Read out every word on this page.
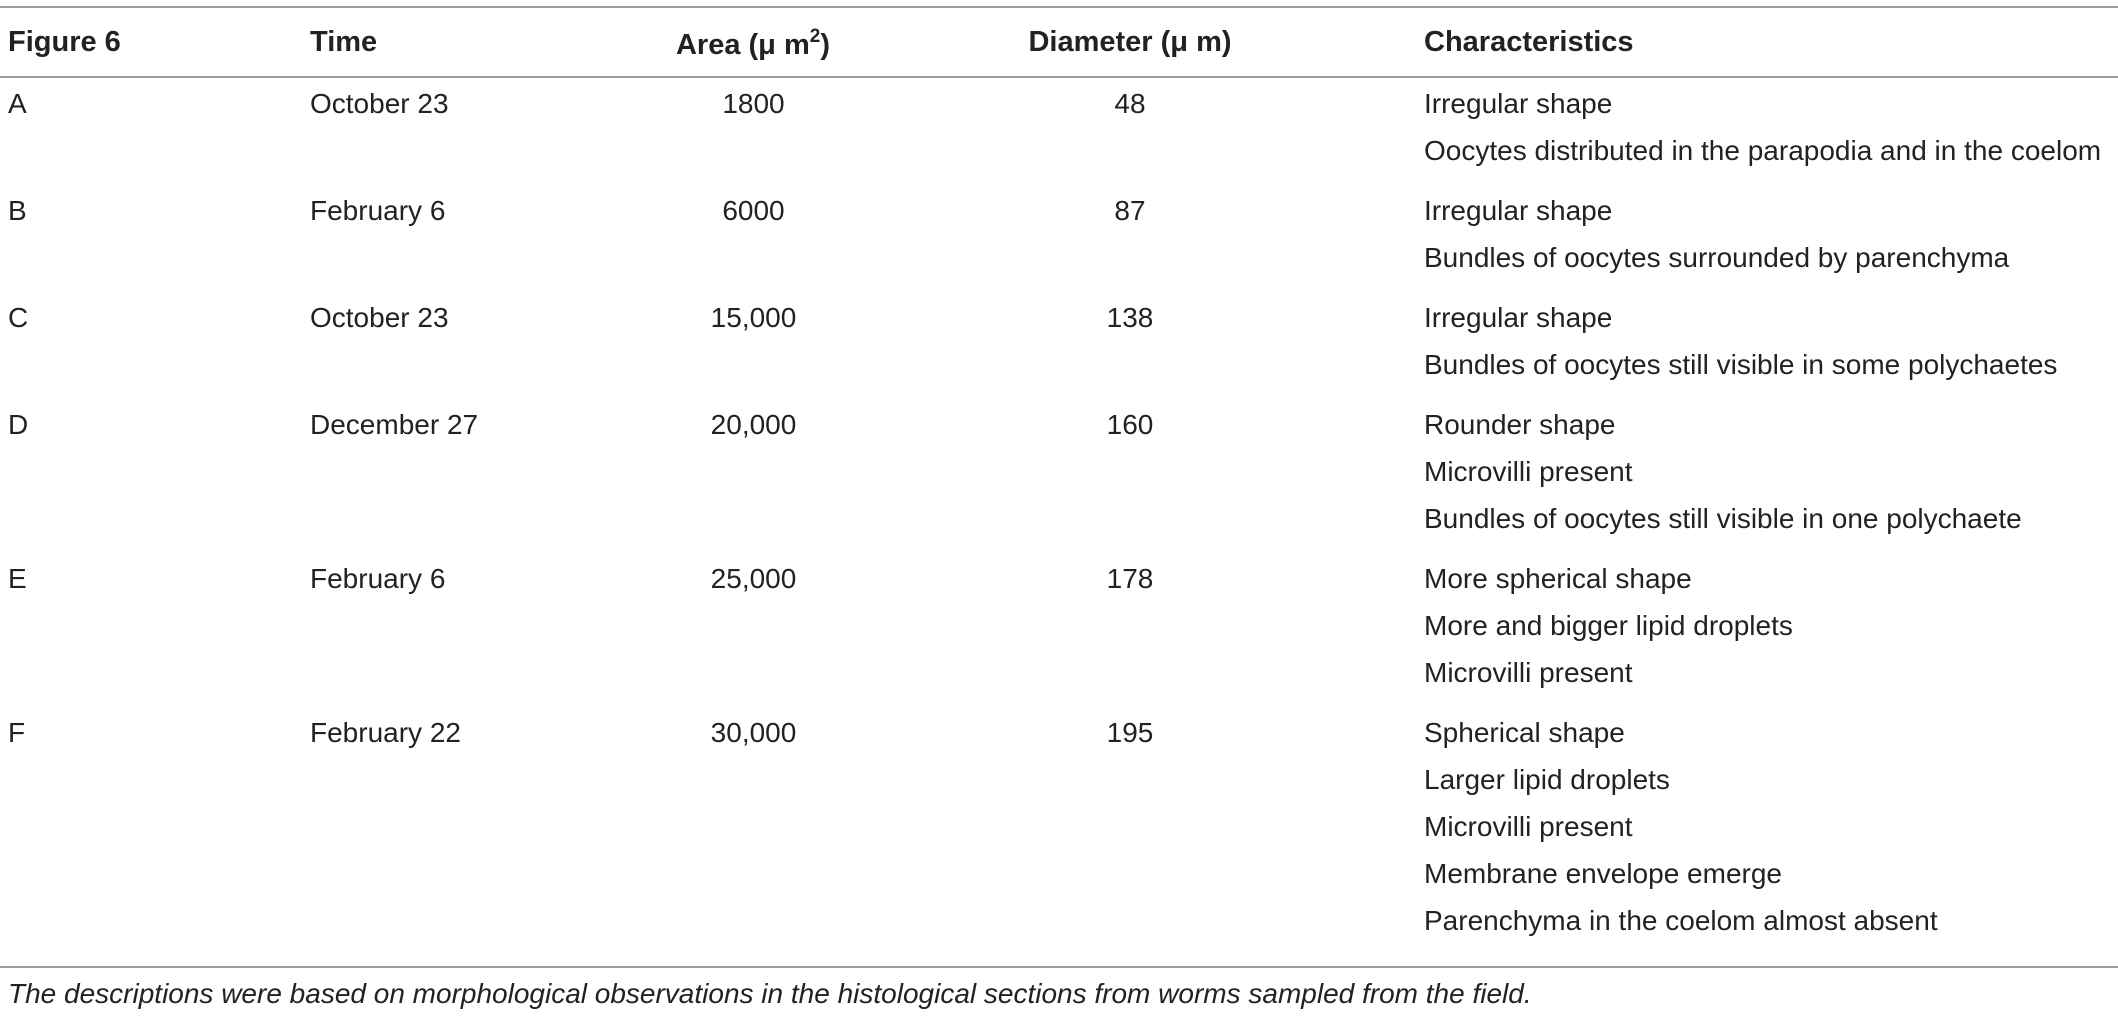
Figure 6	Time	Area (μ $m^2$)	Diameter (μ m)	Characteristics
A	October 23	1800	48	Irregular shape
Oocytes distributed in the parapodia and in the coelom
B	February 6	6000	87	Irregular shape
Bundles of oocytes surrounded by parenchyma
C	October 23	15,000	138	Irregular shape
Bundles of oocytes still visible in some polychaetes
D	December 27	20,000	160	Rounder shape
Microvilli present
Bundles of oocytes still visible in one polychaete
E	February 6	25,000	178	More spherical shape
More and bigger lipid droplets
Microvilli present
F	February 22	30,000	195	Spherical shape
Larger lipid droplets
Microvilli present
Membrane envelope emerge
Parenchyma in the coelom almost absent
The descriptions were based on morphological observations in the histological sections from worms sampled from the field.
